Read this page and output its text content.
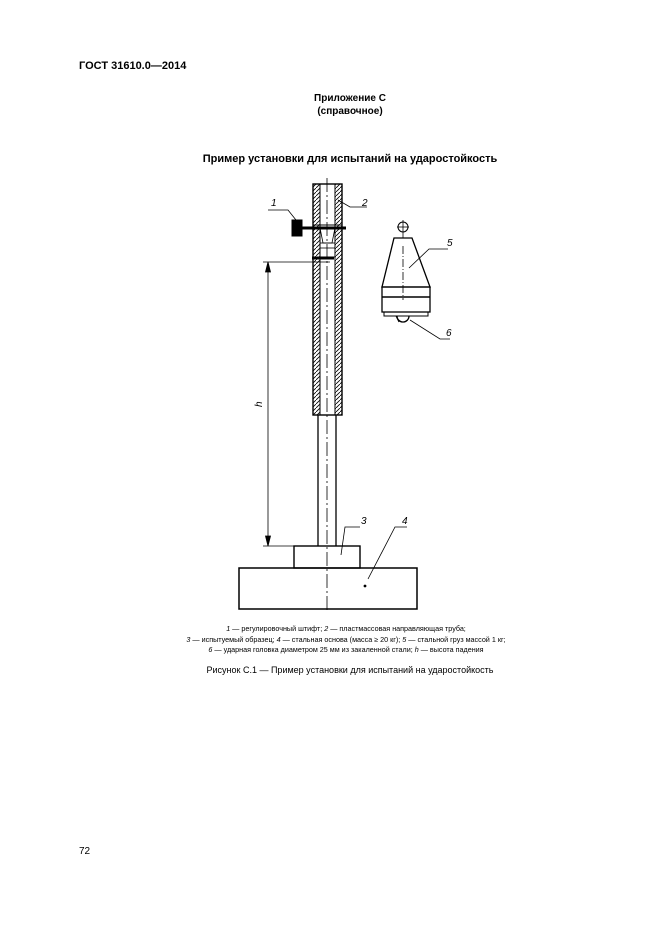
ГОСТ 31610.0—2014
Приложение С
(справочное)
Пример установки для испытаний на ударостойкость
h
1	2
3	4
5
6
1 — регулировочный штифт; 2 — пластмассовая направляющая труба;
3 — испытуемый образец; 4 — стальная основа (масса ≥ 20 кг); 5 — стальной груз массой 1 кг;
6 — ударная головка диаметром 25 мм из закаленной стали; h — высота падения
Рисунок С.1 — Пример установки для испытаний на ударостойкость
72
